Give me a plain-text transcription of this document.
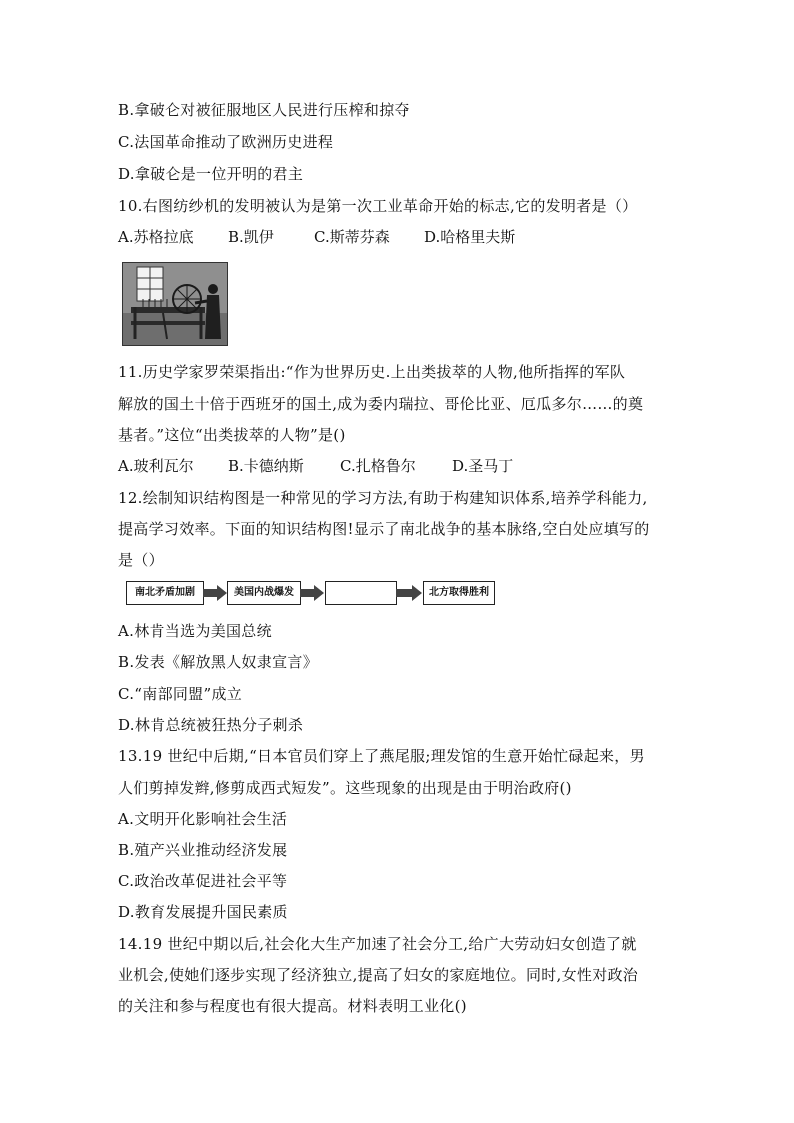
B.拿破仑对被征服地区人民进行压榨和掠夺
C.法国革命推动了欧洲历史进程
D.拿破仑是一位开明的君主
10.右图纺纱机的发明被认为是第一次工业革命开始的标志,它的发明者是（）
A.苏格拉底 B.凯伊	C.斯蒂芬森 D.哈格里夫斯
11.历史学家罗荣渠指出:“作为世界历史.上出类拔萃的人物,他所指挥的军队
解放的国土十倍于西班牙的国土,成为委内瑞拉、哥伦比亚、厄瓜多尔……的奠
基者。”这位“出类拔萃的人物”是()
A.玻利瓦尔 B.卡德纳斯 C.扎格鲁尔 D.圣马丁
12.绘制知识结构图是一种常见的学习方法,有助于构建知识体系,培养学科能力,
提高学习效率。下面的知识结构图!显示了南北战争的基本脉络,空白处应填写的
是（）
南北矛盾加剧	美国内战爆发	北方取得胜利
A.林肯当选为美国总统
B.发表《解放黑人奴隶宣言》
C.“南部同盟”成立
D.林肯总统被狂热分子刺杀
13.19 世纪中后期,“日本官员们穿上了燕尾服;理发馆的生意开始忙碌起来，男
人们剪掉发辫,修剪成西式短发”。这些现象的出现是由于明治政府()
A.文明开化影响社会生活
B.殖产兴业推动经济发展
C.政治改革促进社会平等
D.教育发展提升国民素质
14.19 世纪中期以后,社会化大生产加速了社会分工,给广大劳动妇女创造了就
业机会,使她们逐步实现了经济独立,提高了妇女的家庭地位。同时,女性对政治
的关注和参与程度也有很大提高。材料表明工业化()
